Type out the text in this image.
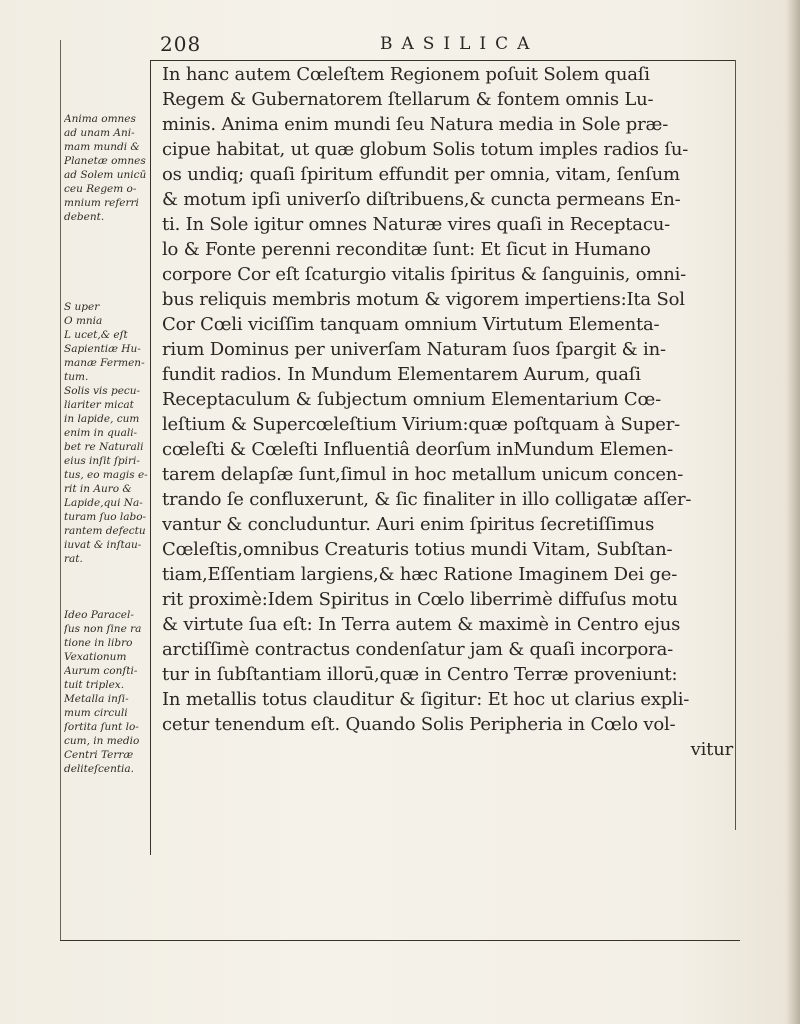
208	BASILICA
Anima omnes
ad unam Ani-
mam mundi &
Planetæ omnes
ad Solem unicū
ceu Regem o-
mnium referri
debent.
S uper
O mnia
L ucet,& eſt
Sapientiæ Hu-
manæ Fermen-
tum.
Solis vis pecu-
liariter micat
in lapide, cum
enim in quali-
bet re Naturali
eius inſit ſpiri-
tus, eo magis e-
rit in Auro &
Lapide,qui Na-
turam ſuo labo-
rantem defectu
iuvat & inſtau-
rat.
Ideo Paracel-
ſus non ſine ra
tione in libro
Vexationum
Aurum conſti-
tuit triplex.
Metalla inſi-
mum circuli
ſortita ſunt lo-
cum, in medio
Centri Terræ
deliteſcentia.
In hanc autem Cœleſtem Regionem poſuit Solem quaſi
Regem & Gubernatorem ſtellarum & fontem omnis Lu-
minis. Anima enim mundi ſeu Natura media in Sole præ-
cipue habitat, ut quæ globum Solis totum imples radios ſu-
os undiq; quaſi ſpiritum effundit per omnia, vitam, ſenſum
& motum ipſi univerſo diſtribuens,& cuncta permeans En-
ti. In Sole igitur omnes Naturæ vires quaſi in Receptacu-
lo & Fonte perenni reconditæ ſunt: Et ſicut in Humano
corpore Cor eſt ſcaturgio vitalis ſpiritus & ſanguinis, omni-
bus reliquis membris motum & vigorem impertiens:Ita Sol
Cor Cœli viciſſim tanquam omnium Virtutum Elementa-
rium Dominus per univerſam Naturam ſuos ſpargit & in-
fundit radios. In Mundum Elementarem Aurum, quaſi
Receptaculum & ſubjectum omnium Elementarium Cœ-
leſtium & Supercœleſtium Virium:quæ poſtquam à Super-
cœleſti & Cœleſti Influentiâ deorſum inMundum Elemen-
tarem delapſæ ſunt,ſimul in hoc metallum unicum concen-
trando ſe confluxerunt, & ſic finaliter in illo colligatæ aſſer-
vantur & concluduntur. Auri enim ſpiritus ſecretiſſimus
Cœleſtis,omnibus Creaturis totius mundi Vitam, Subſtan-
tiam,Eſſentiam largiens,& hæc Ratione Imaginem Dei ge-
rit proximè:Idem Spiritus in Cœlo liberrimè diffuſus motu
& virtute ſua eſt: In Terra autem & maximè in Centro ejus
arctiſſimè contractus condenſatur jam & quaſi incorpora-
tur in ſubſtantiam illorū,quæ in Centro Terræ proveniunt:
In metallis totus clauditur & ſigitur: Et hoc ut clarius expli-
cetur tenendum eſt. Quando Solis Peripheria in Cœlo vol-
vitur
